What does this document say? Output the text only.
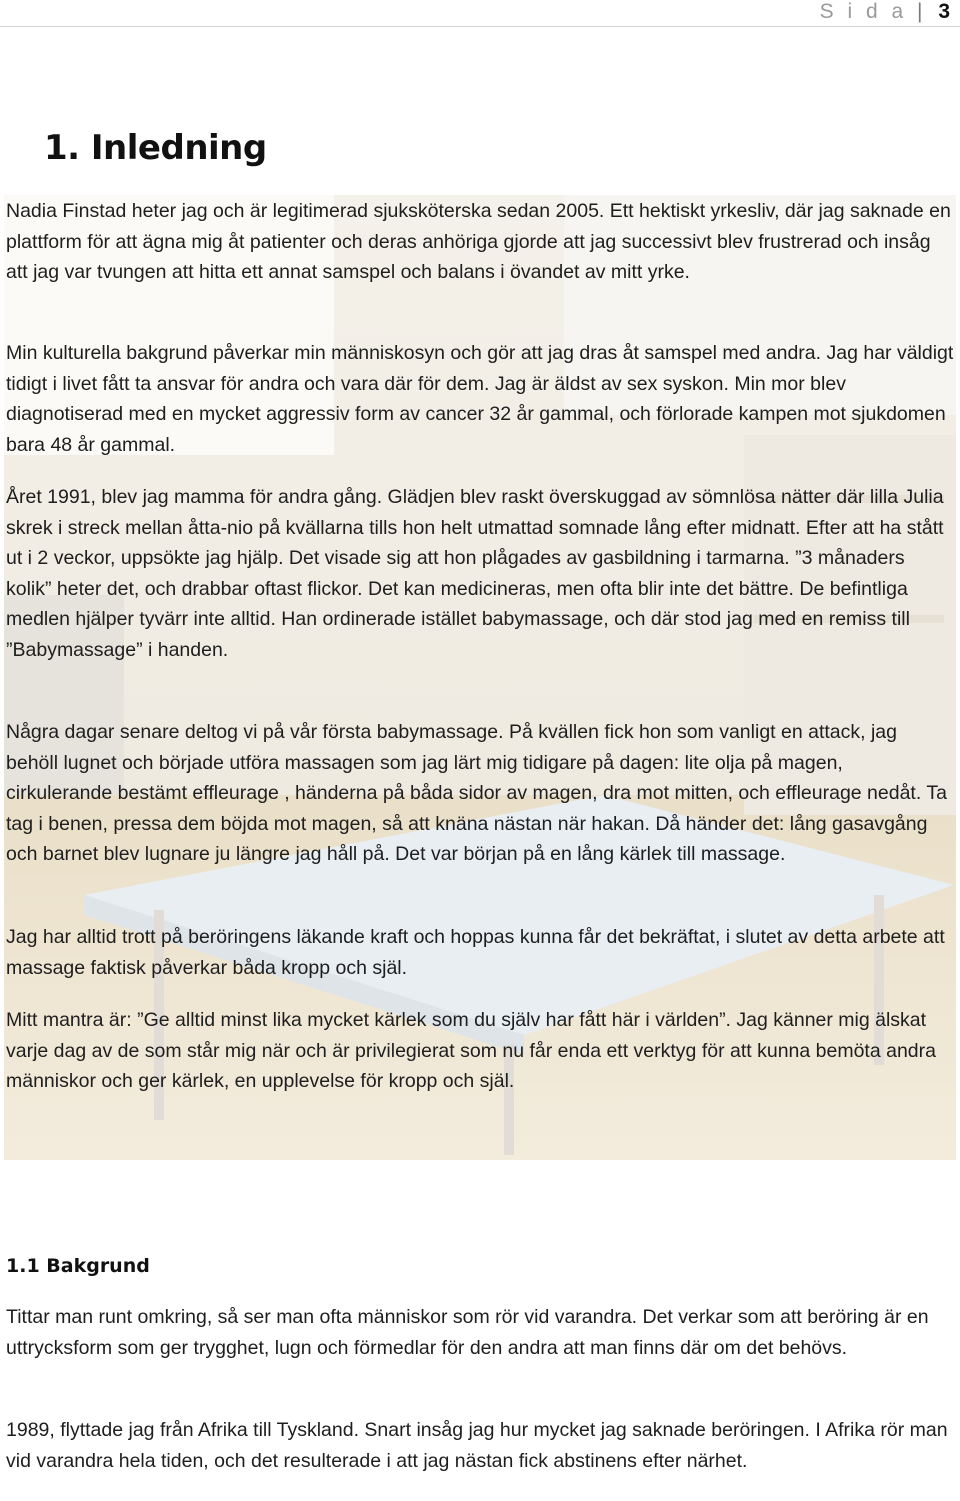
S i d a | 3
1. Inledning

Nadia Finstad heter jag och är legitimerad sjuksköterska sedan 2005. Ett hektiskt yrkesliv, där jag saknade en plattform för att ägna mig åt patienter och deras anhöriga gjorde att jag successivt blev frustrerad och insåg att jag var tvungen att hitta ett annat samspel och balans i övandet av mitt yrke.

Min kulturella bakgrund påverkar min människosyn och gör att jag dras åt samspel med andra. Jag har väldigt tidigt i livet fått ta ansvar för andra och vara där för dem. Jag är äldst av sex syskon. Min mor blev diagnotiserad med en mycket aggressiv form av cancer 32 år gammal, och förlorade kampen mot sjukdomen bara 48 år gammal.

Året 1991, blev jag mamma för andra gång. Glädjen blev raskt överskuggad av sömnlösa nätter där lilla Julia skrek i streck mellan åtta-nio på kvällarna tills hon helt utmattad somnade lång efter midnatt. Efter att ha stått ut i 2 veckor, uppsökte jag hjälp. Det visade sig att hon plågades av gasbildning i tarmarna. ”3 månaders kolik” heter det, och drabbar oftast flickor. Det kan medicineras, men ofta blir inte det bättre. De befintliga medlen hjälper tyvärr inte alltid. Han ordinerade istället babymassage, och där stod jag med en remiss till ”Babymassage” i handen.

Några dagar senare deltog vi på vår första babymassage. På kvällen fick hon som vanligt en attack, jag behöll lugnet och började utföra massagen som jag lärt mig tidigare på dagen: lite olja på magen, cirkulerande bestämt effleurage , händerna på båda sidor av magen, dra mot mitten, och effleurage nedåt. Ta tag i benen, pressa dem böjda mot magen, så att knäna nästan när hakan. Då händer det: lång gasavgång och barnet blev lugnare ju längre jag håll på. Det var början på en lång kärlek till massage.

Jag har alltid trott på beröringens läkande kraft och hoppas kunna får det bekräftat, i slutet av detta arbete att massage faktisk påverkar båda kropp och själ.

Mitt mantra är: ”Ge alltid minst lika mycket kärlek som du själv har fått här i världen”. Jag känner mig älskat varje dag av de som står mig när och är privilegierat som nu får enda ett verktyg för att kunna bemöta andra människor och ger kärlek, en upplevelse för kropp och själ.

1.1 Bakgrund

Tittar man runt omkring, så ser man ofta människor som rör vid varandra. Det verkar som att beröring är en uttrycksform som ger trygghet, lugn och förmedlar för den andra att man finns där om det behövs.

1989, flyttade jag från Afrika till Tyskland. Snart insåg jag hur mycket jag saknade beröringen. I Afrika rör man vid varandra hela tiden, och det resulterade i att jag nästan fick abstinens efter närhet.
